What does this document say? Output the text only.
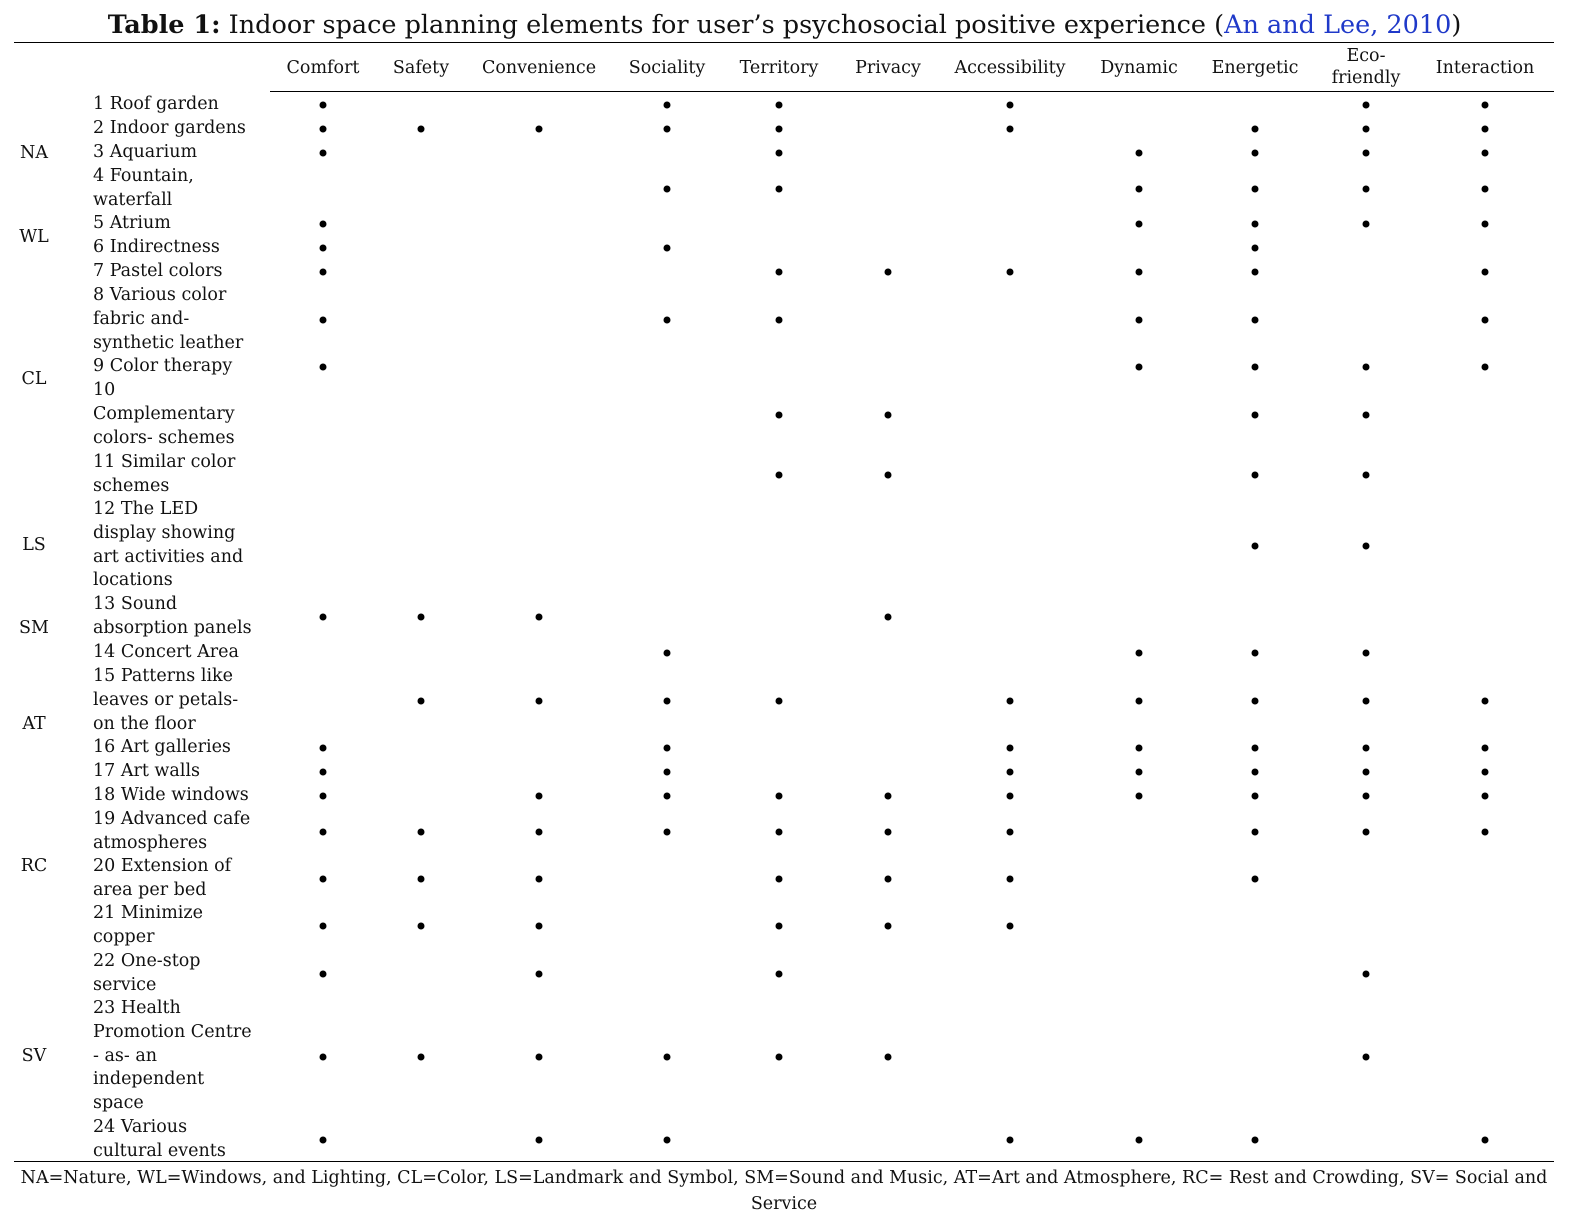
Table 1: Indoor space planning elements for user’s psychosocial positive experience (An and Lee, 2010)
Comfort Safety Convenience Sociality Territory Privacy Accessibility Dynamic Energetic
Eco-
friendly Interaction
NA
WL
CL
LS
SM
AT
RC
SV
1 Roof garden
2 Indoor gardens
3 Aquarium
4 Fountain,
waterfall
5 Atrium
6 Indirectness
7 Pastel colors
8 Various color
fabric and-
synthetic leather
9 Color therapy
10
Complementary
colors- schemes
11 Similar color
schemes
12 The LED
display showing
art activities and
locations
13 Sound
absorption panels
14 Concert Area
15 Patterns like
leaves or petals-
on the floor
16 Art galleries
17 Art walls
18 Wide windows
19 Advanced cafe
atmospheres
20 Extension of
area per bed
21 Minimize
copper
22 One-stop
service
23 Health
Promotion Centre
- as- an
independent
space
24 Various
cultural events
NA=Nature, WL=Windows, and Lighting, CL=Color, LS=Landmark and Symbol, SM=Sound and Music, AT=Art and Atmosphere, RC= Rest and Crowding, SV= Social and Service
